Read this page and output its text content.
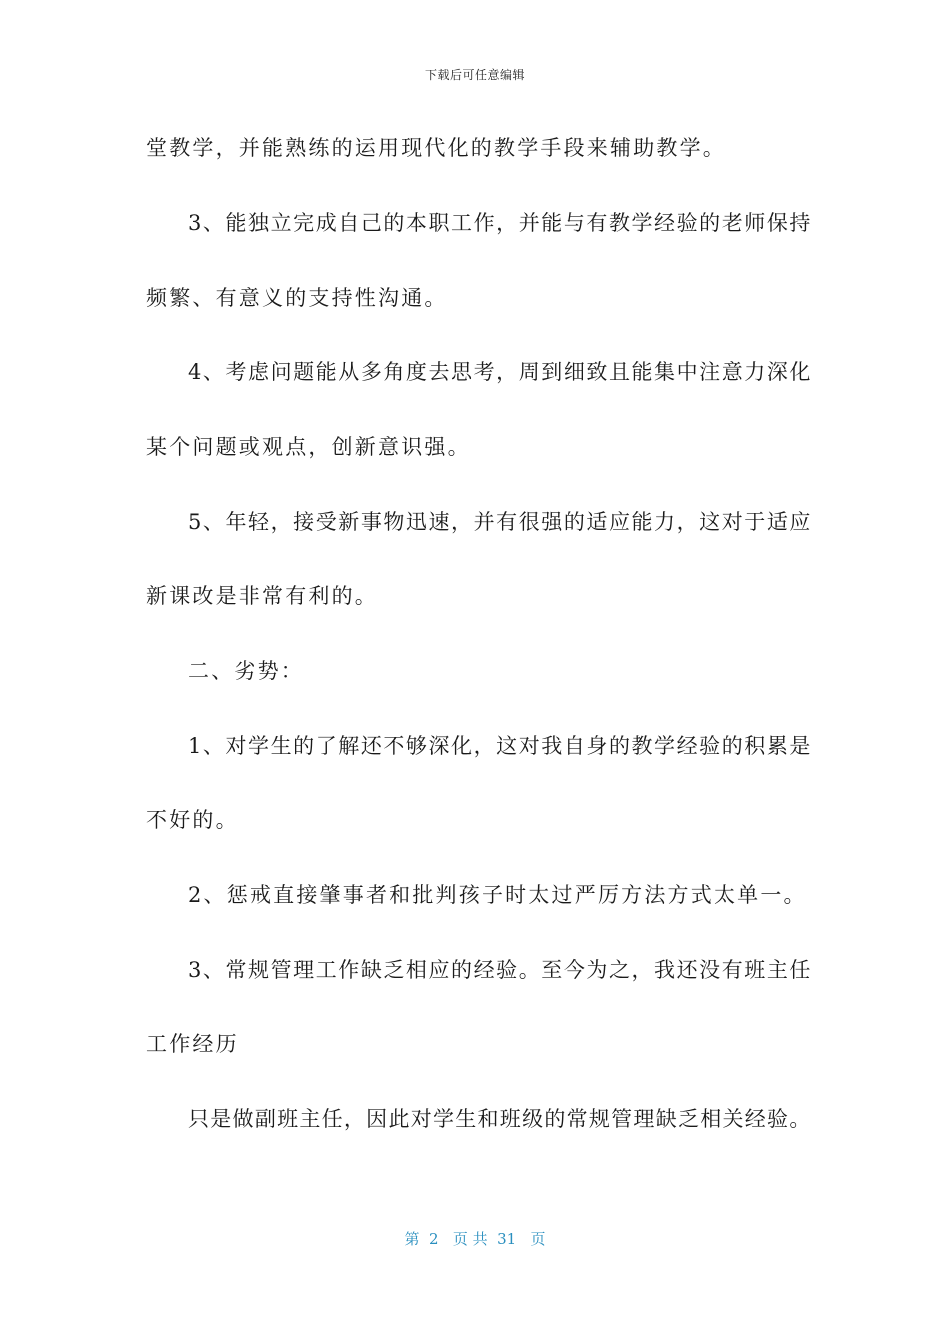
下载后可任意编辑
堂教学，并能熟练的运用现代化的教学手段来辅助教学。
3、能独立完成自己的本职工作，并能与有教学经验的老师保持
频繁、有意义的支持性沟通。
4、考虑问题能从多角度去思考，周到细致且能集中注意力深化
某个问题或观点，创新意识强。
5、年轻，接受新事物迅速，并有很强的适应能力，这对于适应
新课改是非常有利的。
二、劣势：
1、对学生的了解还不够深化，这对我自身的教学经验的积累是
不好的。
2、惩戒直接肇事者和批判孩子时太过严厉方法方式太单一。
3、常规管理工作缺乏相应的经验。至今为之，我还没有班主任
工作经历
只是做副班主任，因此对学生和班级的常规管理缺乏相关经验。
第  2   页 共  31   页
